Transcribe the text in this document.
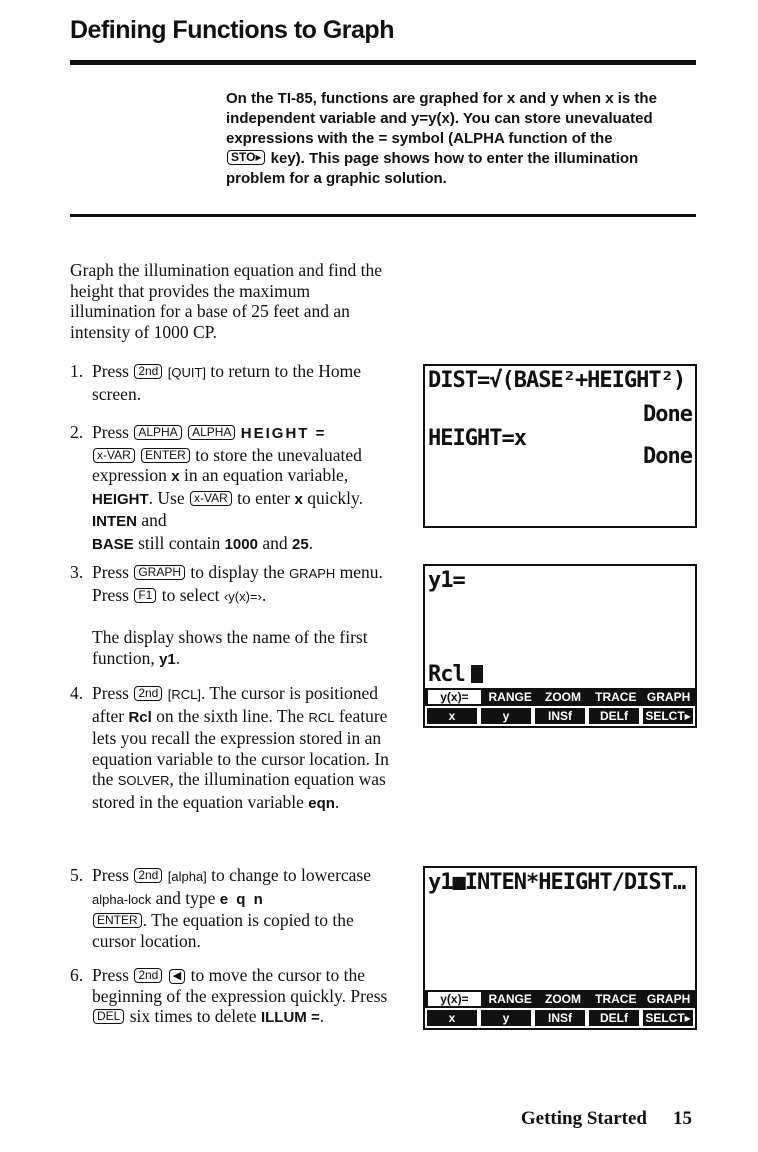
Defining Functions to Graph
On the TI-85, functions are graphed for x and y when x is the
independent variable and y=y(x). You can store unevaluated
expressions with the = symbol (ALPHA function of the
STO▸ key). This page shows how to enter the illumination
problem for a graphic solution.
Graph the illumination equation and find the height that provides the maximum illumination for a base of 25 feet and an intensity of 1000 CP.
1. Press 2nd [QUIT] to return to the Home screen.
2. Press ALPHA ALPHA HEIGHT =
x-VAR ENTER to store the unevaluated expression x in an equation variable, HEIGHT. Use x-VAR to enter x quickly. INTEN and
BASE still contain 1000 and 25.
3. Press GRAPH to display the GRAPH menu. Press F1 to select ‹y(x)=›.

The display shows the name of the first function, y1.

4. Press 2nd [RCL]. The cursor is positioned after Rcl on the sixth line. The RCL feature lets you recall the expression stored in an equation variable to the cursor location. In the SOLVER, the illumination equation was stored in the equation variable eqn.
5. Press 2nd [alpha] to change to lowercase alpha-lock and type e q n
ENTER . The equation is copied to the cursor location.
6. Press 2nd ◀ to move the cursor to the beginning of the expression quickly. Press DEL six times to delete ILLUM =.
DIST=√(BASE²+HEIGHT²)
Done
HEIGHT=x
Done
y1=
Rcl
y(x)=	RANGE	ZOOM	TRACE GRAPH
x	y	INSf	DELf	SELCT▸
y1■INTEN*HEIGHT/DIST…
y(x)=	RANGE	ZOOM	TRACE GRAPH
x	y	INSf	DELf	SELCT▸
Getting Started 15
